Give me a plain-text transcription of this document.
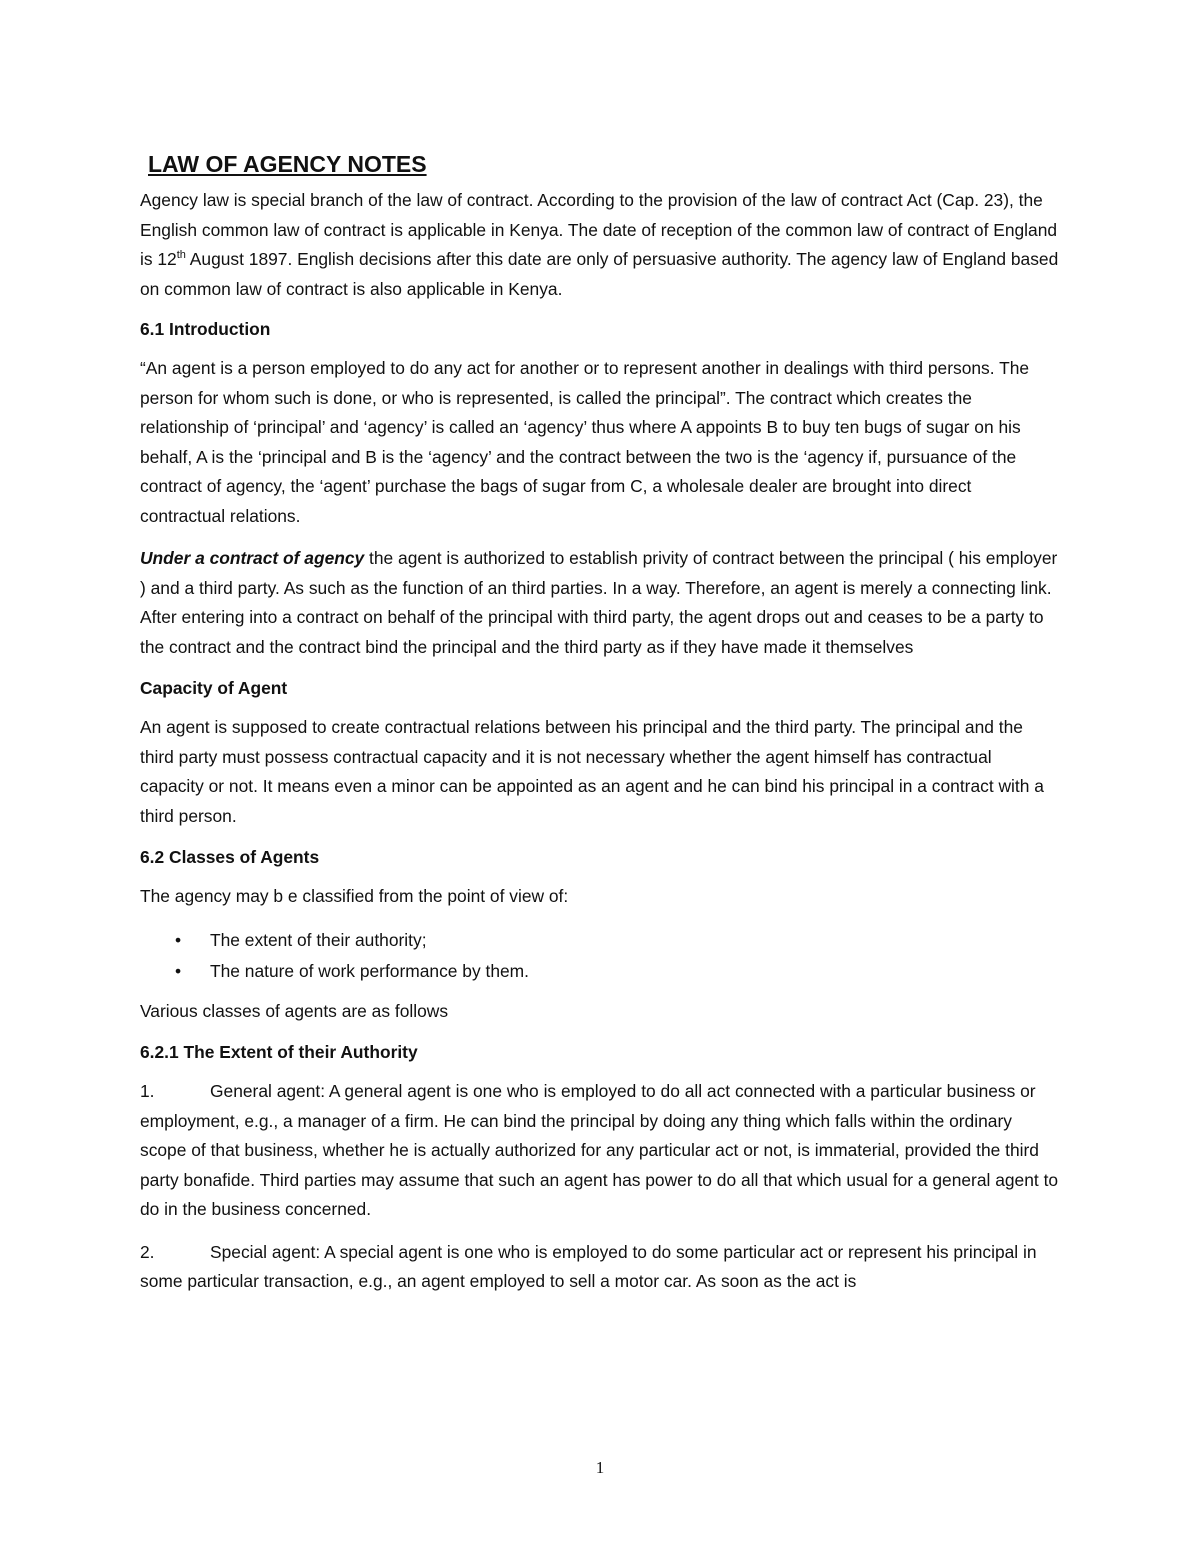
LAW OF AGENCY NOTES

Agency law is special branch of the law of contract. According to the provision of the law of contract Act (Cap. 23), the English common law of contract is applicable in Kenya. The date of reception of the common law of contract of England is 12th August 1897. English decisions after this date are only of persuasive authority. The agency law of England based on common law of contract is also applicable in Kenya.

6.1 Introduction

“An agent is a person employed to do any act for another or to represent another in dealings with third persons. The person for whom such is done, or who is represented, is called the principal”. The contract which creates the relationship of ‘principal’ and ‘agency’ is called an ‘agency’ thus where A appoints B to buy ten bugs of sugar on his behalf, A is the ‘principal and B is the ‘agency’ and the contract between the two is the ‘agency if, pursuance of the contract of agency, the ‘agent’ purchase the bags of sugar from C, a wholesale dealer are brought into direct contractual relations.

Under a contract of agency the agent is authorized to establish privity of contract between the principal ( his employer ) and a third party. As such as the function of an third parties. In a way. Therefore, an agent is merely a connecting link. After entering into a contract on behalf of the principal with third party, the agent drops out and ceases to be a party to the contract and the contract bind the principal and the third party as if they have made it themselves

Capacity of Agent

An agent is supposed to create contractual relations between his principal and the third party. The principal and the third party must possess contractual capacity and it is not necessary whether the agent himself has contractual capacity or not. It means even a minor can be appointed as an agent and he can bind his principal in a contract with a third person.

6.2 Classes of Agents

The agency may b e classified from the point of view of:

• The extent of their authority;
• The nature of work performance by them.

Various classes of agents are as follows

6.2.1 The Extent of their Authority

1.	General agent: A general agent is one who is employed to do all act connected with a particular business or employment, e.g., a manager of a firm. He can bind the principal by doing any thing which falls within the ordinary scope of that business, whether he is actually authorized for any particular act or not, is immaterial, provided the third party bonafide. Third parties may assume that such an agent has power to do all that which usual for a general agent to do in the business concerned.

2.	Special agent: A special agent is one who is employed to do some particular act or represent his principal in some particular transaction, e.g., an agent employed to sell a motor car. As soon as the act is

1
